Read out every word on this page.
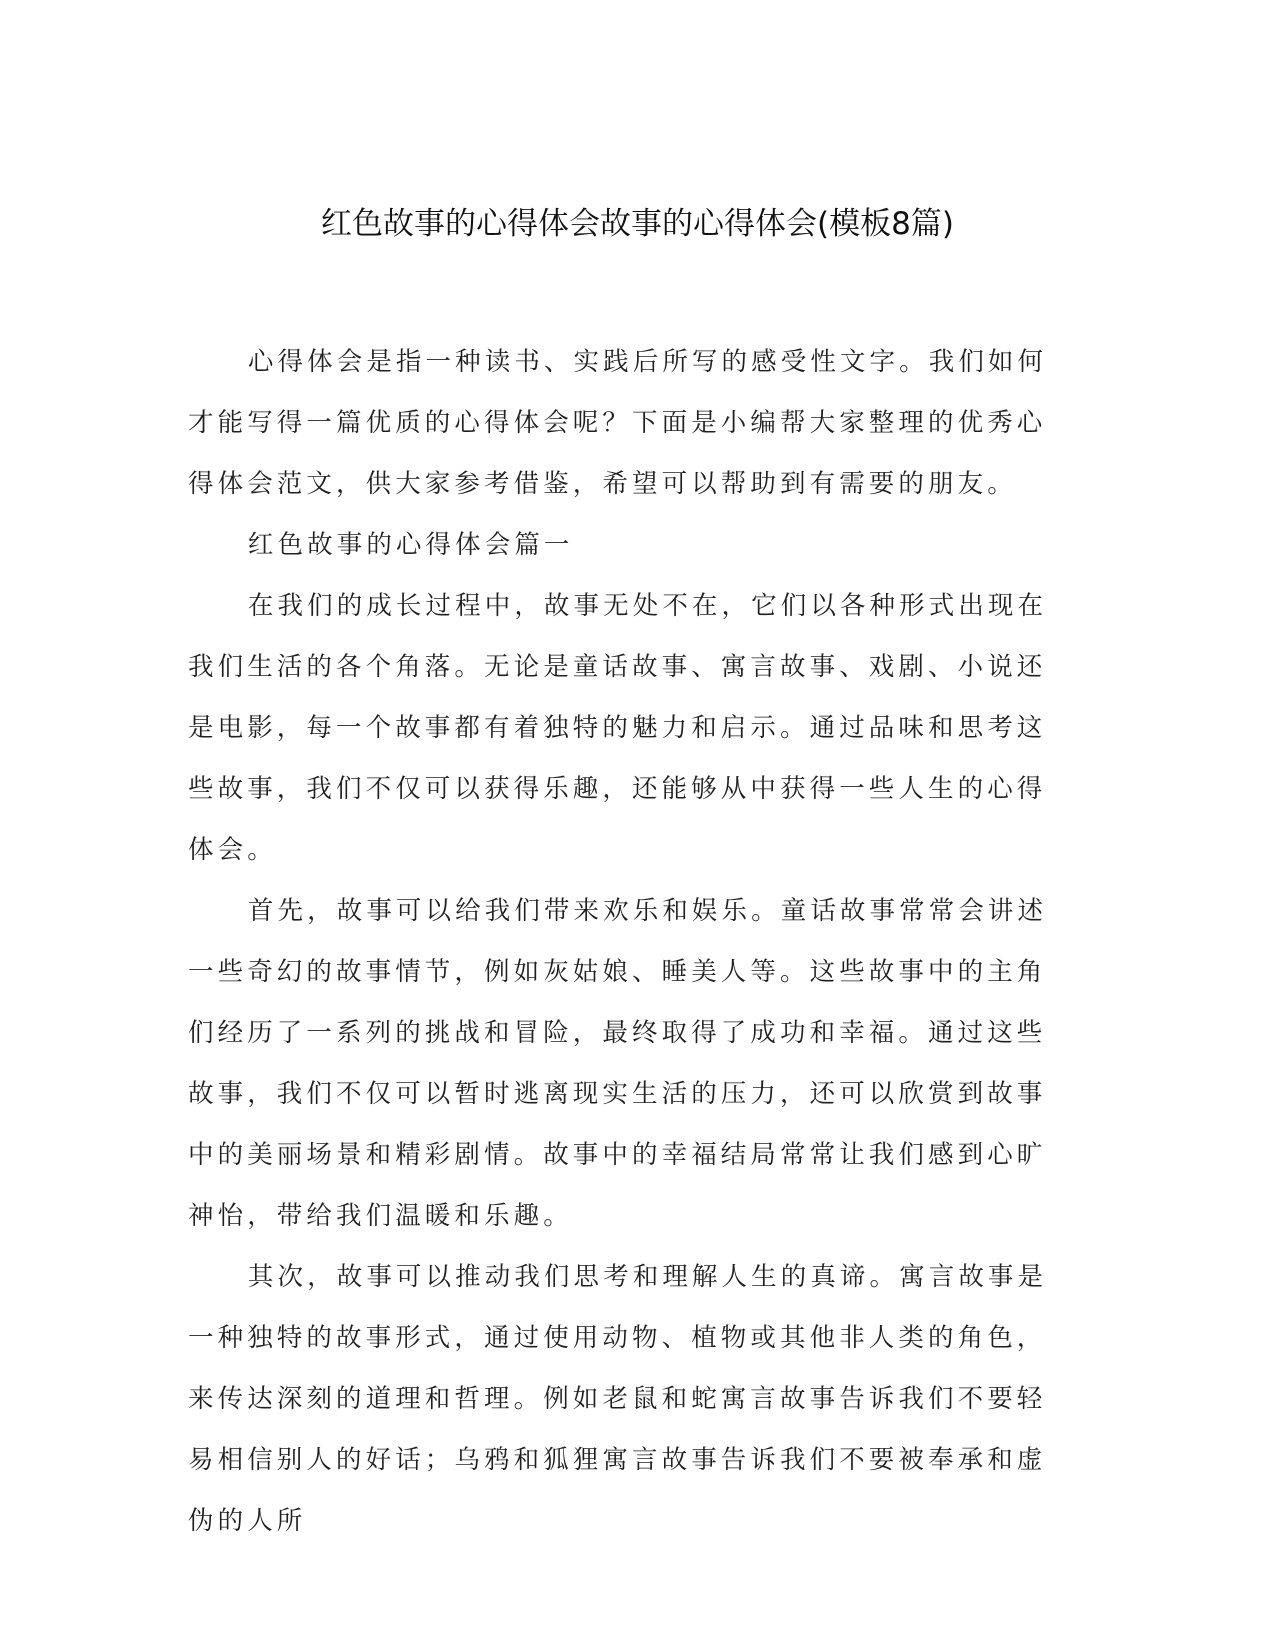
红色故事的心得体会故事的心得体会(模板8篇)

心得体会是指一种读书、实践后所写的感受性文字。我们如何才能写得一篇优质的心得体会呢？下面是小编帮大家整理的优秀心得体会范文，供大家参考借鉴，希望可以帮助到有需要的朋友。

红色故事的心得体会篇一

在我们的成长过程中，故事无处不在，它们以各种形式出现在我们生活的各个角落。无论是童话故事、寓言故事、戏剧、小说还是电影，每一个故事都有着独特的魅力和启示。通过品味和思考这些故事，我们不仅可以获得乐趣，还能够从中获得一些人生的心得体会。

首先，故事可以给我们带来欢乐和娱乐。童话故事常常会讲述一些奇幻的故事情节，例如灰姑娘、睡美人等。这些故事中的主角们经历了一系列的挑战和冒险，最终取得了成功和幸福。通过这些故事，我们不仅可以暂时逃离现实生活的压力，还可以欣赏到故事中的美丽场景和精彩剧情。故事中的幸福结局常常让我们感到心旷神怡，带给我们温暖和乐趣。

其次，故事可以推动我们思考和理解人生的真谛。寓言故事是一种独特的故事形式，通过使用动物、植物或其他非人类的角色，来传达深刻的道理和哲理。例如老鼠和蛇寓言故事告诉我们不要轻易相信别人的好话；乌鸦和狐狸寓言故事告诉我们不要被奉承和虚伪的人所
